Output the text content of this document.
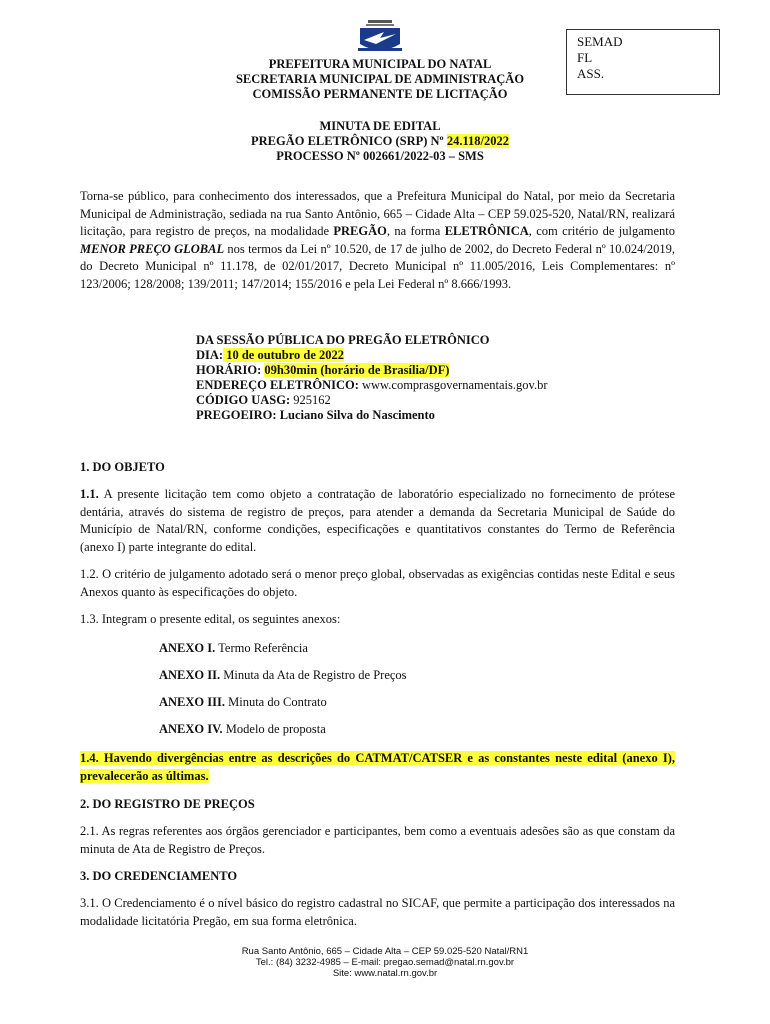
SEMAD
FL
ASS.
PREFEITURA MUNICIPAL DO NATAL
SECRETARIA MUNICIPAL DE ADMINISTRAÇÃO
COMISSÃO PERMANENTE DE LICITAÇÃO
MINUTA DE EDITAL
PREGÃO ELETRÔNICO (SRP) Nº 24.118/2022
PROCESSO Nº 002661/2022-03 – SMS

Torna-se público, para conhecimento dos interessados, que a Prefeitura Municipal do Natal, por meio da Secretaria Municipal de Administração, sediada na rua Santo Antônio, 665 – Cidade Alta – CEP 59.025-520, Natal/RN, realizará licitação, para registro de preços, na modalidade PREGÃO, na forma ELETRÔNICA, com critério de julgamento MENOR PREÇO GLOBAL nos termos da Lei nº 10.520, de 17 de julho de 2002, do Decreto Federal nº 10.024/2019, do Decreto Municipal nº 11.178, de 02/01/2017, Decreto Municipal nº 11.005/2016, Leis Complementares: nº 123/2006; 128/2008; 139/2011; 147/2014; 155/2016 e pela Lei Federal nº 8.666/1993.

DA SESSÃO PÚBLICA DO PREGÃO ELETRÔNICO
DIA: 10 de outubro de 2022
HORÁRIO: 09h30min (horário de Brasília/DF)
ENDEREÇO ELETRÔNICO: www.comprasgovernamentais.gov.br
CÓDIGO UASG: 925162
PREGOEIRO: Luciano Silva do Nascimento
1. DO OBJETO

1.1. A presente licitação tem como objeto a contratação de laboratório especializado no fornecimento de prótese dentária, através do sistema de registro de preços, para atender a demanda da Secretaria Municipal de Saúde do Município de Natal/RN, conforme condições, especificações e quantitativos constantes do Termo de Referência (anexo I) parte integrante do edital.

1.2. O critério de julgamento adotado será o menor preço global, observadas as exigências contidas neste Edital e seus Anexos quanto às especificações do objeto.

1.3. Integram o presente edital, os seguintes anexos:

ANEXO I. Termo Referência
ANEXO II. Minuta da Ata de Registro de Preços
ANEXO III. Minuta do Contrato
ANEXO IV. Modelo de proposta

1.4. Havendo divergências entre as descrições do CATMAT/CATSER e as constantes neste edital (anexo I), prevalecerão as últimas.

2. DO REGISTRO DE PREÇOS

2.1. As regras referentes aos órgãos gerenciador e participantes, bem como a eventuais adesões são as que constam da minuta de Ata de Registro de Preços.

3. DO CREDENCIAMENTO

3.1. O Credenciamento é o nível básico do registro cadastral no SICAF, que permite a participação dos interessados na modalidade licitatória Pregão, em sua forma eletrônica.

Rua Santo Antônio, 665 – Cidade Alta – CEP 59.025-520 Natal/RN1
Tel.: (84) 3232-4985 – E-mail: pregao.semad@natal.rn.gov.br
Site: www.natal.rn.gov.br
